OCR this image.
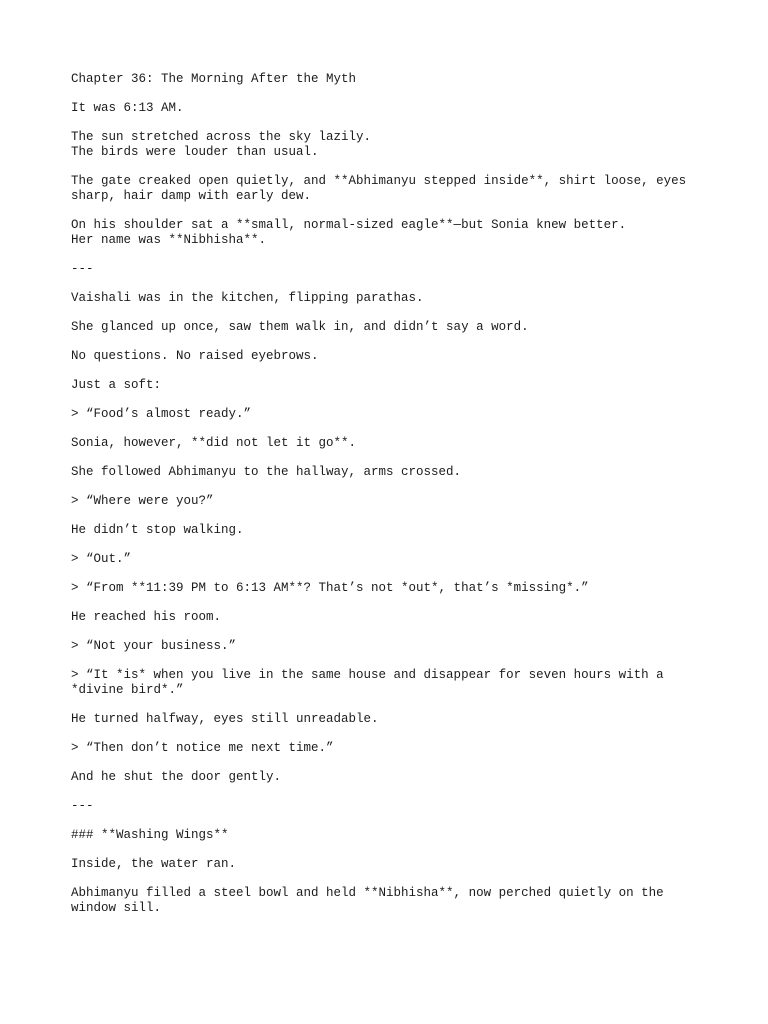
Chapter 36: The Morning After the Myth
It was 6:13 AM.
The sun stretched across the sky lazily.
The birds were louder than usual.
The gate creaked open quietly, and **Abhimanyu stepped inside**, shirt loose, eyes
sharp, hair damp with early dew.
On his shoulder sat a **small, normal-sized eagle**—but Sonia knew better.
Her name was **Nibhisha**.
---
Vaishali was in the kitchen, flipping parathas.
She glanced up once, saw them walk in, and didn’t say a word.
No questions. No raised eyebrows.
Just a soft:
> “Food’s almost ready.”
Sonia, however, **did not let it go**.
She followed Abhimanyu to the hallway, arms crossed.
> “Where were you?”
He didn’t stop walking.
> “Out.”
> “From **11:39 PM to 6:13 AM**? That’s not *out*, that’s *missing*.”
He reached his room.
> “Not your business.”
> “It *is* when you live in the same house and disappear for seven hours with a
*divine bird*.”
He turned halfway, eyes still unreadable.
> “Then don’t notice me next time.”
And he shut the door gently.
---
### **Washing Wings**
Inside, the water ran.
Abhimanyu filled a steel bowl and held **Nibhisha**, now perched quietly on the
window sill.
